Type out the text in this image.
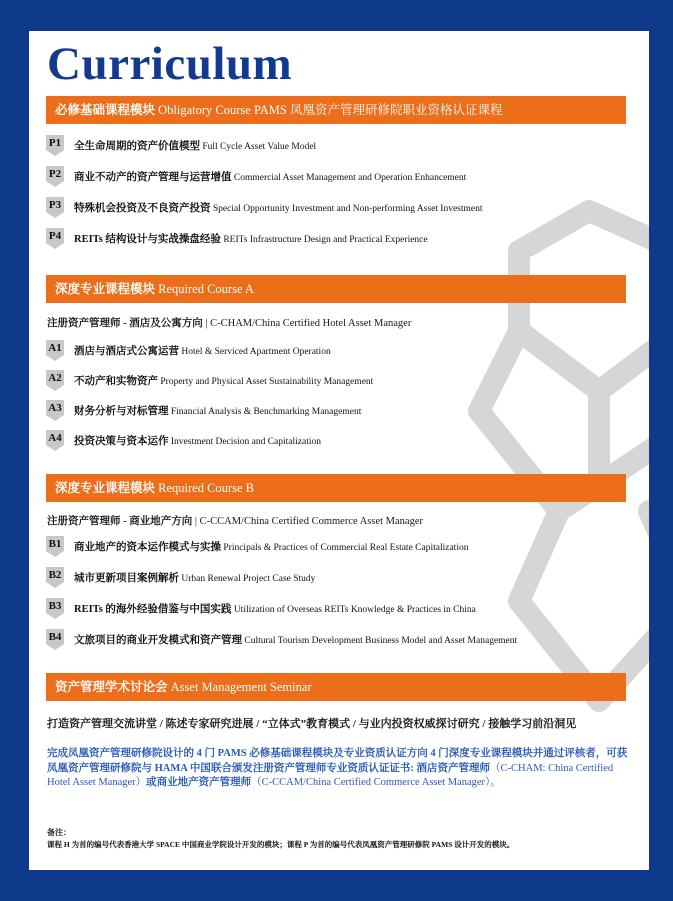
Curriculum
必修基础课程模块 Obligatory Course PAMS 凤凰资产管理研修院职业资格认证课程
P1 全生命周期的资产价值模型 Full Cycle Asset Value Model
P2 商业不动产的资产管理与运营增值 Commercial Asset Management and Operation Enhancement
P3 特殊机会投资及不良资产投资 Special Opportunity Investment and Non-performing Asset Investment
P4 REITs 结构设计与实战操盘经验 REITs Infrastructure Design and Practical Experience
深度专业课程模块 Required Course A
注册资产管理师 - 酒店及公寓方向 | C-CHAM/China Certified Hotel Asset Manager
A1 酒店与酒店式公寓运营 Hotel & Serviced Apartment Operation
A2 不动产和实物资产 Property and Physical Asset Sustainability Management
A3 财务分析与对标管理 Financial Analysis & Benchmarking Management
A4 投资决策与资本运作 Investment Decision and Capitalization
深度专业课程模块 Required Course B
注册资产管理师 - 商业地产方向 | C-CCAM/China Certified Commerce Asset Manager
B1 商业地产的资本运作模式与实操 Principals & Practices of Commercial Real Estate Capitalization
B2 城市更新项目案例解析 Urban Renewal Project Case Study
B3 REITs 的海外经验借鉴与中国实践 Utilization of Overseas REITs Knowledge & Practices in China
B4 文旅项目的商业开发模式和资产管理 Cultural Tourism Development Business Model and Asset Management
资产管理学术讨论会 Asset Management Seminar
打造资产管理交流讲堂 / 陈述专家研究进展 / “立体式”教育模式 / 与业内投资权威探讨研究 / 接触学习前沿洞见
完成凤凰资产管理研修院设计的 4 门 PAMS 必修基础课程模块及专业资质认证方向 4 门深度专业课程模块并通过评核者，可获凤凰资产管理研修院与 HAMA 中国联合颁发注册资产管理师专业资质认证证书: 酒店资产管理师（C-CHAM: China Certified Hotel Asset Manager）或商业地产资产管理师（C-CCAM/China Certified Commerce Asset Manager）。
备注：
课程 H 为首的编号代表香港大学 SPACE 中国商业学院设计开发的模块；课程 P 为首的编号代表凤凰资产管理研修院 PAMS 设计开发的模块。
